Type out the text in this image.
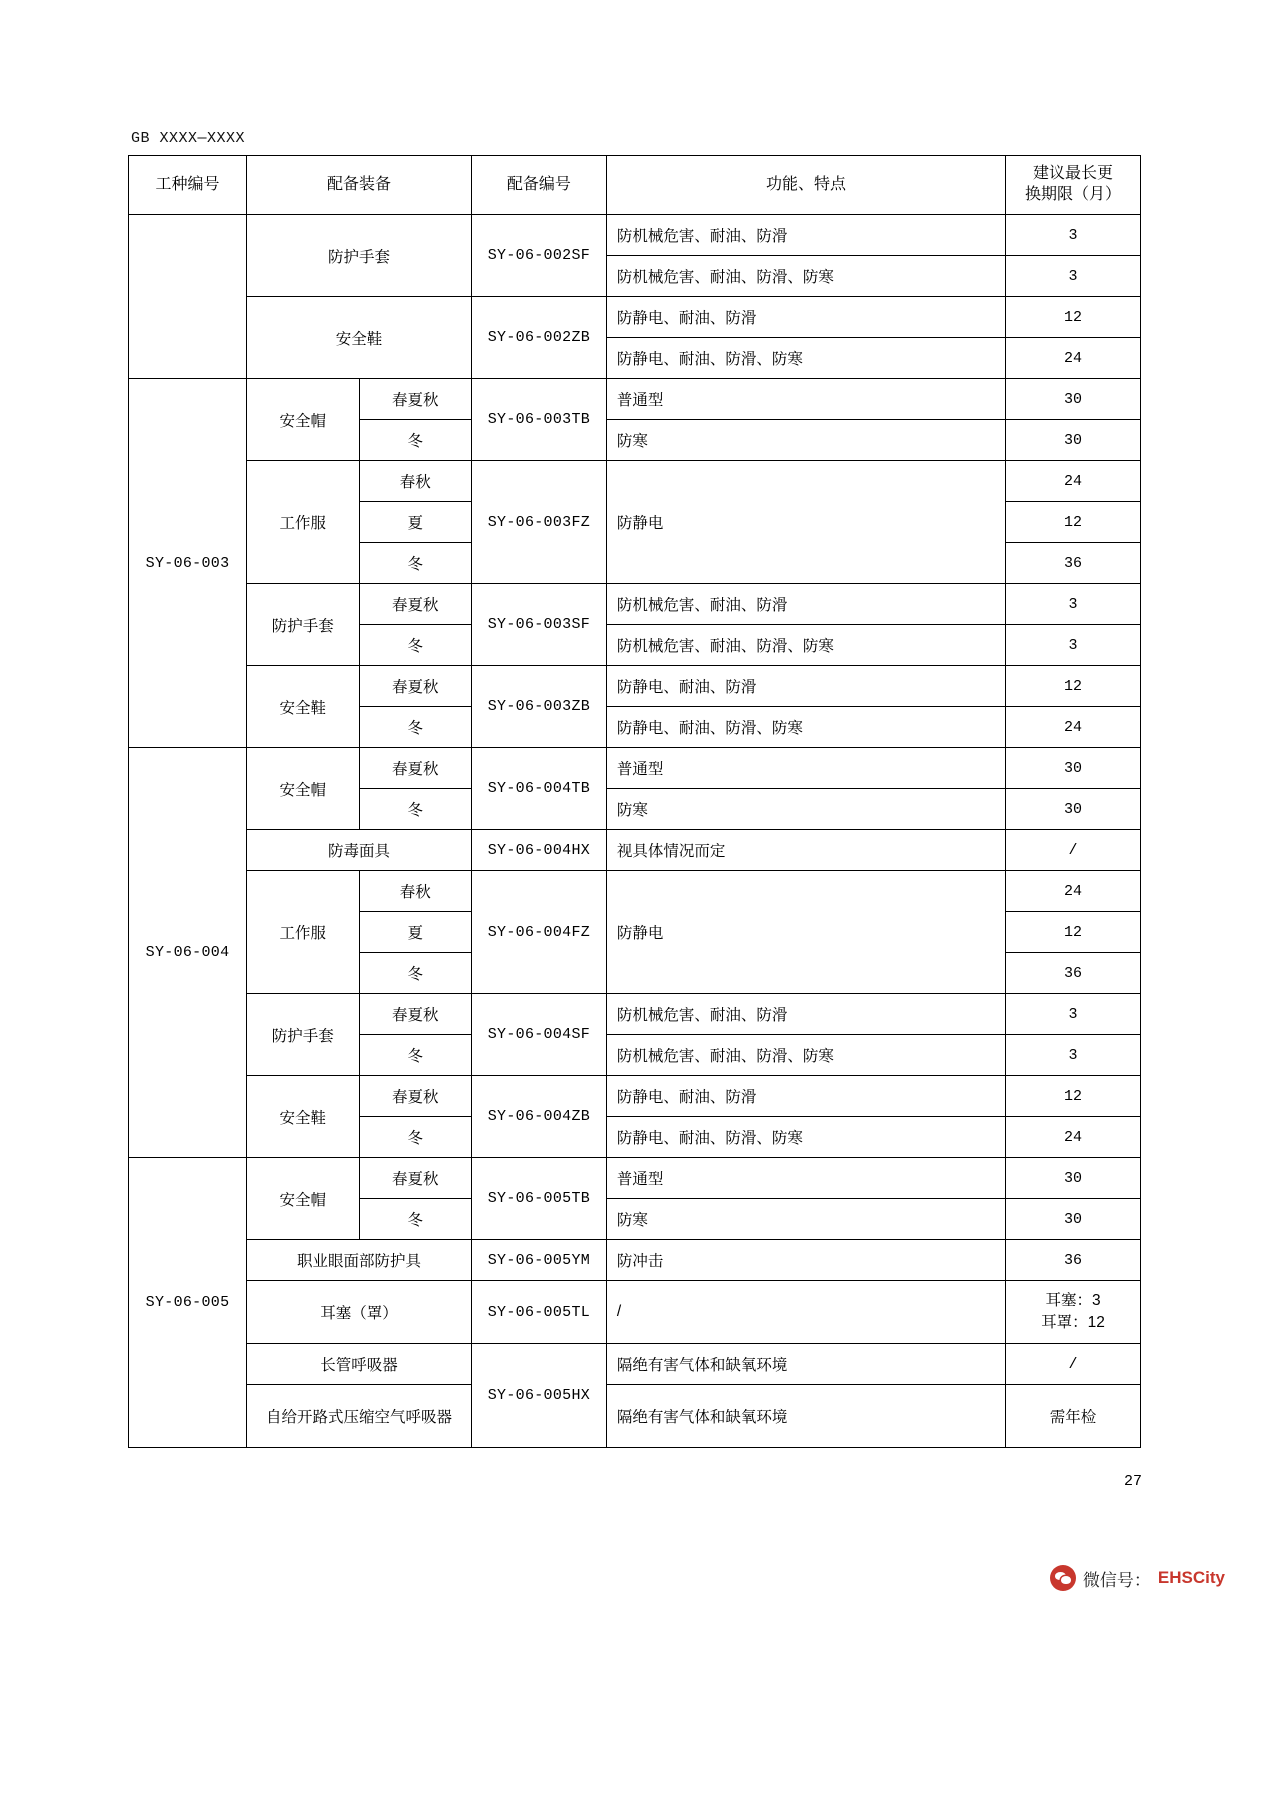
GB XXXX—XXXX
工种编号	配备装备		配备编号	功能、特点	建议最长更
换期限（月）

	防护手套		SY-06-002SF	防机械危害、耐油、防滑	3
				防机械危害、耐油、防滑、防寒	3
	安全鞋		SY-06-002ZB	防静电、耐油、防滑	12
				防静电、耐油、防滑、防寒	24
SY-06-003	安全帽	春夏秋	SY-06-003TB	普通型	30
		冬		防寒	30
	工作服	春秋	SY-06-003FZ	防静电	24
		夏			12
		冬			36
	防护手套	春夏秋	SY-06-003SF	防机械危害、耐油、防滑	3
		冬		防机械危害、耐油、防滑、防寒	3
	安全鞋	春夏秋	SY-06-003ZB	防静电、耐油、防滑	12
		冬		防静电、耐油、防滑、防寒	24
SY-06-004	安全帽	春夏秋	SY-06-004TB	普通型	30
		冬		防寒	30
	防毒面具		SY-06-004HX	视具体情况而定	/
	工作服	春秋	SY-06-004FZ	防静电	24
		夏			12
		冬			36
	防护手套	春夏秋	SY-06-004SF	防机械危害、耐油、防滑	3
		冬		防机械危害、耐油、防滑、防寒	3
	安全鞋	春夏秋	SY-06-004ZB	防静电、耐油、防滑	12
		冬		防静电、耐油、防滑、防寒	24
SY-06-005	安全帽	春夏秋	SY-06-005TB	普通型	30
		冬		防寒	30
	职业眼面部防护具		SY-06-005YM	防冲击	36
	耳塞（罩）		SY-06-005TL	/	耳塞：3
耳罩：12

	长管呼吸器		SY-06-005HX	隔绝有害气体和缺氧环境	/
	自给开路式压缩空气呼吸器			隔绝有害气体和缺氧环境	需年检
27
微信号： EHSCity
